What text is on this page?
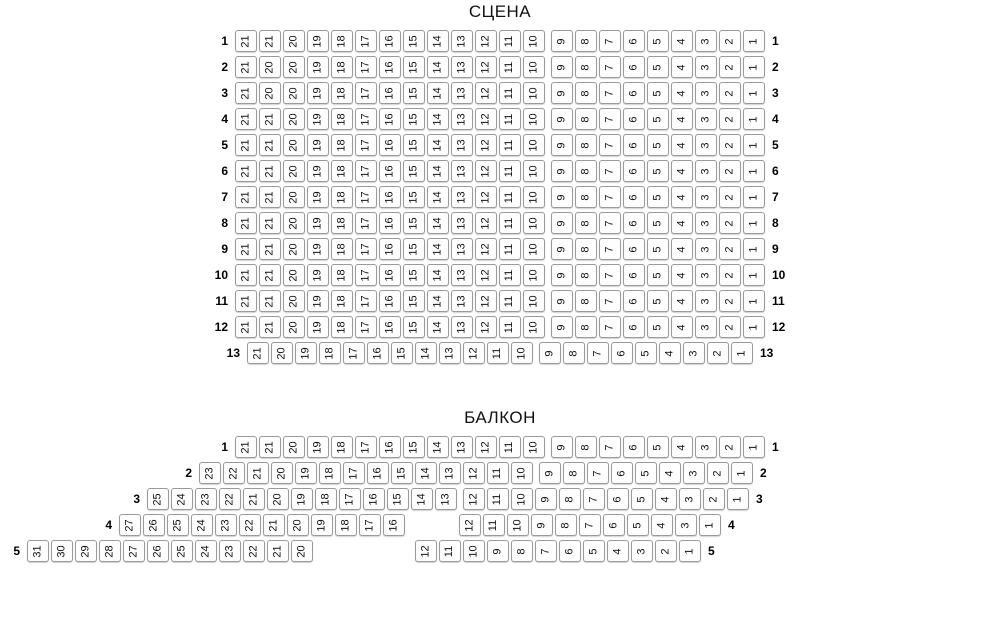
СЦЕНА
1 21 21 20 19 18 17 16 15 14 13 12 11 10 9 8 7 6 5 4 3 2 1 1
2 21 20 20 19 18 17 16 15 14 13 12 11 10 9 8 7 6 5 4 3 2 1 2
3 21 20 20 19 18 17 16 15 14 13 12 11 10 9 8 7 6 5 4 3 2 1 3
4 21 21 20 19 18 17 16 15 14 13 12 11 10 9 8 7 6 5 4 3 2 1 4
5 21 21 20 19 18 17 16 15 14 13 12 11 10 9 8 7 6 5 4 3 2 1 5
6 21 21 20 19 18 17 16 15 14 13 12 11 10 9 8 7 6 5 4 3 2 1 6
7 21 21 20 19 18 17 16 15 14 13 12 11 10 9 8 7 6 5 4 3 2 1 7
8 21 21 20 19 18 17 16 15 14 13 12 11 10 9 8 7 6 5 4 3 2 1 8
9 21 21 20 19 18 17 16 15 14 13 12 11 10 9 8 7 6 5 4 3 2 1 9
10 21 21 20 19 18 17 16 15 14 13 12 11 10 9 8 7 6 5 4 3 2 1 10
11 21 21 20 19 18 17 16 15 14 13 12 11 10 9 8 7 6 5 4 3 2 1 11
12 21 21 20 19 18 17 16 15 14 13 12 11 10 9 8 7 6 5 4 3 2 1 12
13 21 20 19 18 17 16 15 14 13 12 11 10 9 8 7 6 5 4 3 2 1 13
БАЛКОН
1 21 21 20 19 18 17 16 15 14 13 12 11 10 9 8 7 6 5 4 3 2 1 1
2 23 22 21 20 19 18 17 16 15 14 13 12 11 10 9 8 7 6 5 4 3 2 1 2
3 25 24 23 22 21 20 19 18 17 16 15 14 13 12 11 10 9 8 7 6 5 4 3 2 1 3
4 27 26 25 24 23 22 21 20 19 18 17 16	12 11 10 9 8 7 6 5 4 3 1 4
5 31 30 29 28 27 26 25 24 23 22 21 20	12 11 10 9 8 7 6 5 4 3 2 1 5
